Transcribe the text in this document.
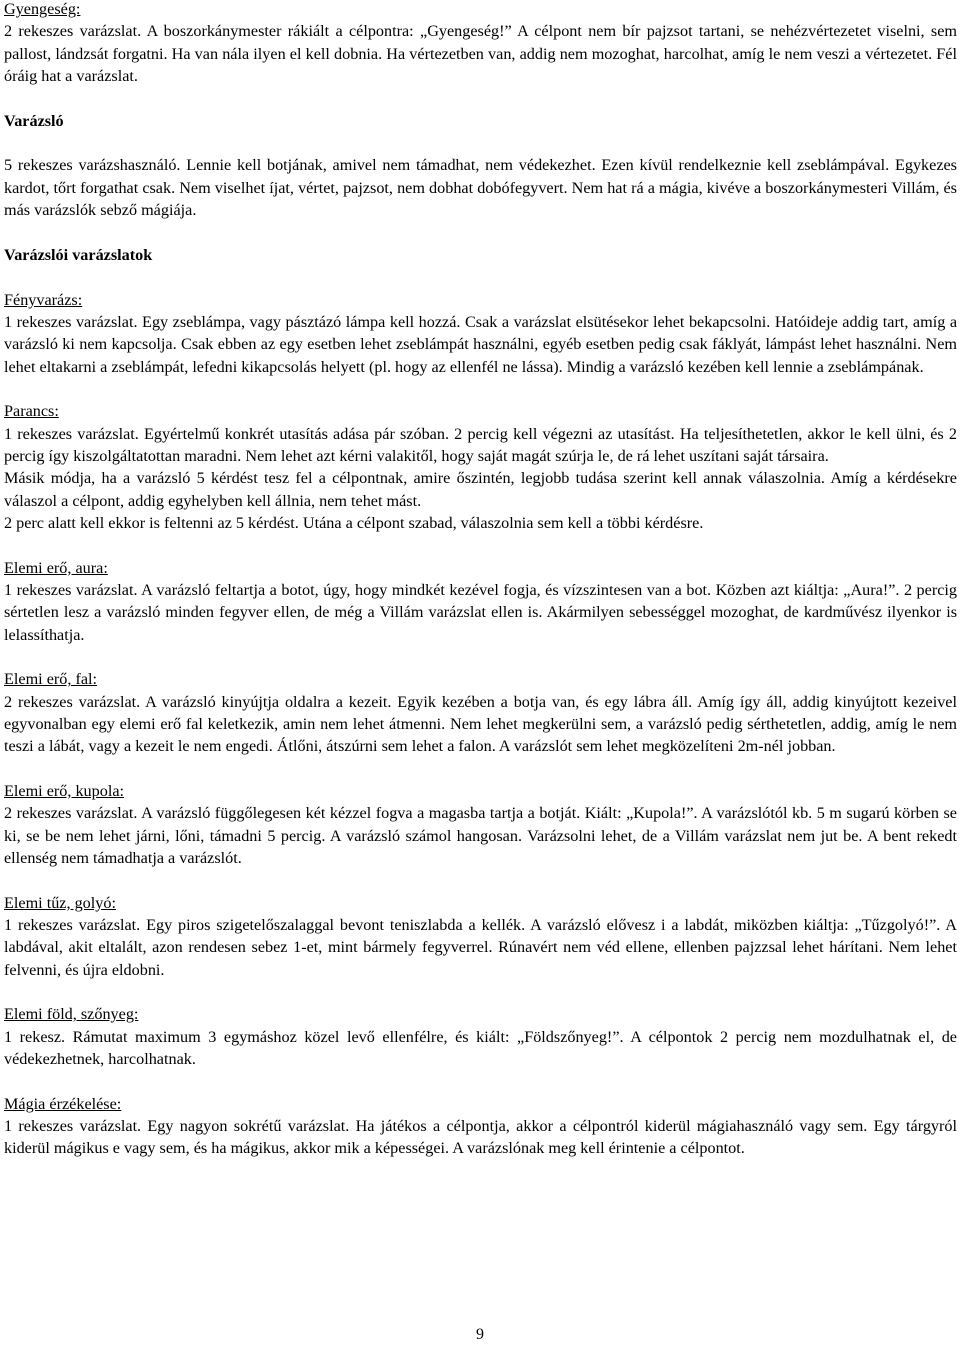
Gyengeség:

2 rekeszes varázslat. A boszorkánymester rákiált a célpontra: „Gyengeség!” A célpont nem bír pajzsot tartani, se nehézvértezetet viselni, sem pallost, lándzsát forgatni. Ha van nála ilyen el kell dobnia. Ha vértezetben van, addig nem mozoghat, harcolhat, amíg le nem veszi a vértezetet. Fél óráig hat a varázslat.

Varázsló

5 rekeszes varázshasználó. Lennie kell botjának, amivel nem támadhat, nem védekezhet. Ezen kívül rendelkeznie kell zseblámpával. Egykezes kardot, tőrt forgathat csak. Nem viselhet íjat, vértet, pajzsot, nem dobhat dobófegyvert. Nem hat rá a mágia, kivéve a boszorkánymesteri Villám, és más varázslók sebző mágiája.

Varázslói varázslatok

Fényvarázs:

1 rekeszes varázslat. Egy zseblámpa, vagy pásztázó lámpa kell hozzá. Csak a varázslat elsütésekor lehet bekapcsolni. Hatóideje addig tart, amíg a varázsló ki nem kapcsolja. Csak ebben az egy esetben lehet zseblámpát használni, egyéb esetben pedig csak fáklyát, lámpást lehet használni. Nem lehet eltakarni a zseblámpát, lefedni kikapcsolás helyett (pl. hogy az ellenfél ne lássa). Mindig a varázsló kezében kell lennie a zseblámpának.

Parancs:

1 rekeszes varázslat. Egyértelmű konkrét utasítás adása pár szóban. 2 percig kell végezni az utasítást. Ha teljesíthetetlen, akkor le kell ülni, és 2 percig így kiszolgáltatottan maradni. Nem lehet azt kérni valakitől, hogy saját magát szúrja le, de rá lehet uszítani saját társaira.

Másik módja, ha a varázsló 5 kérdést tesz fel a célpontnak, amire őszintén, legjobb tudása szerint kell annak válaszolnia. Amíg a kérdésekre válaszol a célpont, addig egyhelyben kell állnia, nem tehet mást.

2 perc alatt kell ekkor is feltenni az 5 kérdést. Utána a célpont szabad, válaszolnia sem kell a többi kérdésre.

Elemi erő, aura:

1 rekeszes varázslat. A varázsló feltartja a botot, úgy, hogy mindkét kezével fogja, és vízszintesen van a bot. Közben azt kiáltja: „Aura!”. 2 percig sértetlen lesz a varázsló minden fegyver ellen, de még a Villám varázslat ellen is. Akármilyen sebességgel mozoghat, de kardművész ilyenkor is lelassíthatja.

Elemi erő, fal:

2 rekeszes varázslat. A varázsló kinyújtja oldalra a kezeit. Egyik kezében a botja van, és egy lábra áll. Amíg így áll, addig kinyújtott kezeivel egyvonalban egy elemi erő fal keletkezik, amin nem lehet átmenni. Nem lehet megkerülni sem, a varázsló pedig sérthetetlen, addig, amíg le nem teszi a lábát, vagy a kezeit le nem engedi. Átlőni, átszúrni sem lehet a falon. A varázslót sem lehet megközelíteni 2m-nél jobban.

Elemi erő, kupola:

2 rekeszes varázslat. A varázsló függőlegesen két kézzel fogva a magasba tartja a botját. Kiált: „Kupola!”. A varázslótól kb. 5 m sugarú körben se ki, se be nem lehet járni, lőni, támadni 5 percig. A varázsló számol hangosan. Varázsolni lehet, de a Villám varázslat nem jut be. A bent rekedt ellenség nem támadhatja a varázslót.

Elemi tűz, golyó:

1 rekeszes varázslat. Egy piros szigetelőszalaggal bevont teniszlabda a kellék. A varázsló elővesz i a labdát, miközben kiáltja: „Tűzgolyó!”. A labdával, akit eltalált, azon rendesen sebez 1-et, mint bármely fegyverrel. Rúnavért nem véd ellene, ellenben pajzzsal lehet hárítani. Nem lehet felvenni, és újra eldobni.

Elemi föld, szőnyeg:

1 rekesz. Rámutat maximum 3 egymáshoz közel levő ellenfélre, és kiált: „Földszőnyeg!”. A célpontok 2 percig nem mozdulhatnak el, de védekezhetnek, harcolhatnak.

Mágia érzékelése:

1 rekeszes varázslat. Egy nagyon sokrétű varázslat. Ha játékos a célpontja, akkor a célpontról kiderül mágiahasználó vagy sem. Egy tárgyról kiderül mágikus e vagy sem, és ha mágikus, akkor mik a képességei. A varázslónak meg kell érintenie a célpontot.

9
